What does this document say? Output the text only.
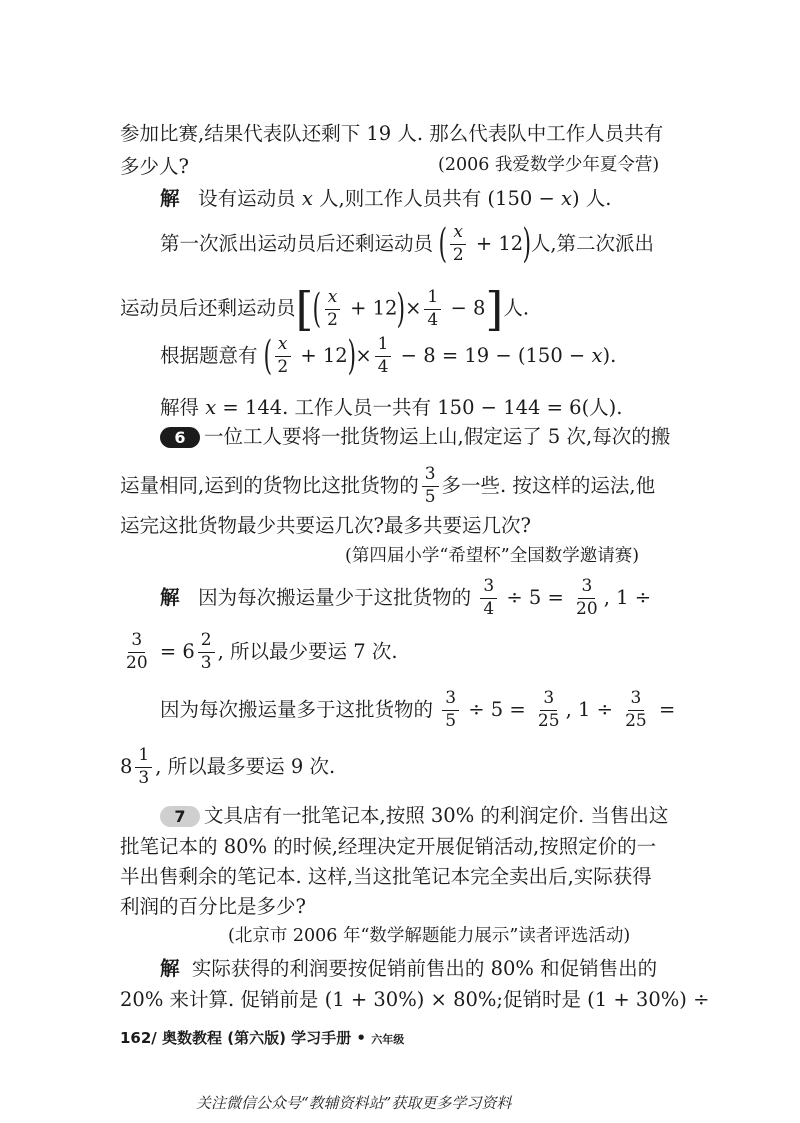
参加比赛,结果代表队还剩下 19 人. 那么代表队中工作人员共有
多少人?	(2006 我爱数学少年夏令营)
解 设有运动员 x 人,则工作人员共有 (150 − x) 人.
第一次派出运动员后还剩运动员 ( $\frac{x}{2} + 12$)人,第二次派出
运动员后还剩运动员[( $\frac{x}{2} + 12)\times \frac{1}{4} - 8$]人.
根据题意有 ( $\frac{x}{2} + 12)\times \frac{1}{4} - 8 = 19 - (150 - x)$.
解得 x = 144. 工作人员一共有 150 − 144 = 6(人).
6 一位工人要将一批货物运上山,假定运了 5 次,每次的搬
运量相同,运到的货物比这批货物的 $\frac{3}{5}$ 多一些. 按这样的运法,他
运完这批货物最少共要运几次?最多共要运几次?
(第四届小学“希望杯”全国数学邀请赛)
解 因为每次搬运量少于这批货物的 $\frac{3}{4} \div 5 = \frac{3}{20}$ , 1 ÷
$\frac{3}{20} = 6 \frac{2}{3}$ , 所以最少要运 7 次.
因为每次搬运量多于这批货物的 $\frac{3}{5} \div 5 = \frac{3}{25}$ , $1 \div \frac{3}{25}$ =
$8 \frac{1}{3}$ , 所以最多要运 9 次.
7 文具店有一批笔记本,按照 30% 的利润定价. 当售出这
批笔记本的 80% 的时候,经理决定开展促销活动,按照定价的一
半出售剩余的笔记本. 这样,当这批笔记本完全卖出后,实际获得
利润的百分比是多少?
(北京市 2006 年“数学解题能力展示”读者评选活动)
解 实际获得的利润要按促销前售出的 80% 和促销售出的
20% 来计算. 促销前是 (1 + 30%) × 80%;促销时是 (1 + 30%) ÷
162/ 奥数教程 (第六版) 学习手册 • 六年级
关注微信公众号“教辅资料站”获取更多学习资料
